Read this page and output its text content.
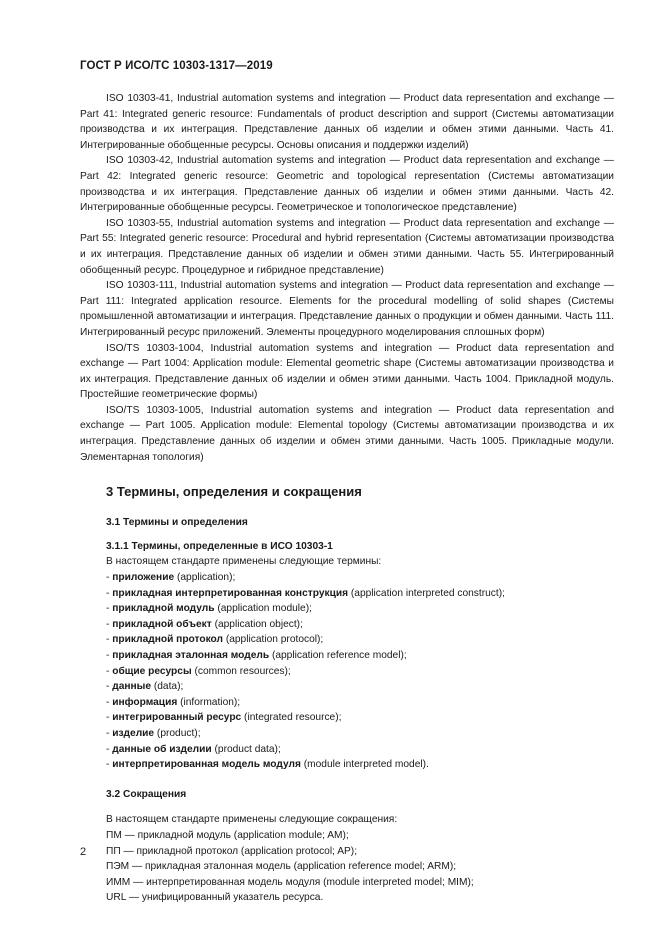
ГОСТ Р ИСО/ТС 10303-1317—2019

ISO 10303-41, Industrial automation systems and integration — Product data representation and exchange — Part 41: Integrated generic resource: Fundamentals of product description and support (Системы автоматизации производства и их интеграция. Представление данных об изделии и обмен этими данными. Часть 41. Интегрированные обобщенные ресурсы. Основы описания и поддержки изделий)

ISO 10303-42, Industrial automation systems and integration — Product data representation and exchange — Part 42: Integrated generic resource: Geometric and topological representation (Системы автоматизации производства и их интеграция. Представление данных об изделии и обмен этими данными. Часть 42. Интегрированные обобщенные ресурсы. Геометрическое и топологическое представление)

ISO 10303-55, Industrial automation systems and integration — Product data representation and exchange — Part 55: Integrated generic resource: Procedural and hybrid representation (Системы автоматизации производства и их интеграция. Представление данных об изделии и обмен этими данными. Часть 55. Интегрированный обобщенный ресурс. Процедурное и гибридное представление)

ISO 10303-111, Industrial automation systems and integration — Product data representation and exchange — Part 111: Integrated application resource. Elements for the procedural modelling of solid shapes (Системы промышленной автоматизации и интеграция. Представление данных о продукции и обмен данными. Часть 111. Интегрированный ресурс приложений. Элементы процедурного моделирования сплошных форм)

ISO/TS 10303-1004, Industrial automation systems and integration — Product data representation and exchange — Part 1004: Application module: Elemental geometric shape (Системы автоматизации производства и их интеграция. Представление данных об изделии и обмен этими данными. Часть 1004. Прикладной модуль. Простейшие геометрические формы)

ISO/TS 10303-1005, Industrial automation systems and integration — Product data representation and exchange — Part 1005. Application module: Elemental topology (Системы автоматизации производства и их интеграция. Представление данных об изделии и обмен этими данными. Часть 1005. Прикладные модули. Элементарная топология)

3 Термины, определения и сокращения

3.1 Термины и определения

3.1.1 Термины, определенные в ИСО 10303-1

В настоящем стандарте применены следующие термины:

- приложение (application);

- прикладная интерпретированная конструкция (application interpreted construct);

- прикладной модуль (application module);

- прикладной объект (application object);

- прикладной протокол (application protocol);

- прикладная эталонная модель (application reference model);

- общие ресурсы (common resources);

- данные (data);

- информация (information);

- интегрированный ресурс (integrated resource);

- изделие (product);

- данные об изделии (product data);

- интерпретированная модель модуля (module interpreted model).

3.2 Сокращения

В настоящем стандарте применены следующие сокращения:

ПМ — прикладной модуль (application module; AM);

ПП — прикладной протокол (application protocol; AP);

ПЭМ — прикладная эталонная модель (application reference model; ARM);

ИММ — интерпретированная модель модуля (module interpreted model; MIM);

URL — унифицированный указатель ресурса.

2
